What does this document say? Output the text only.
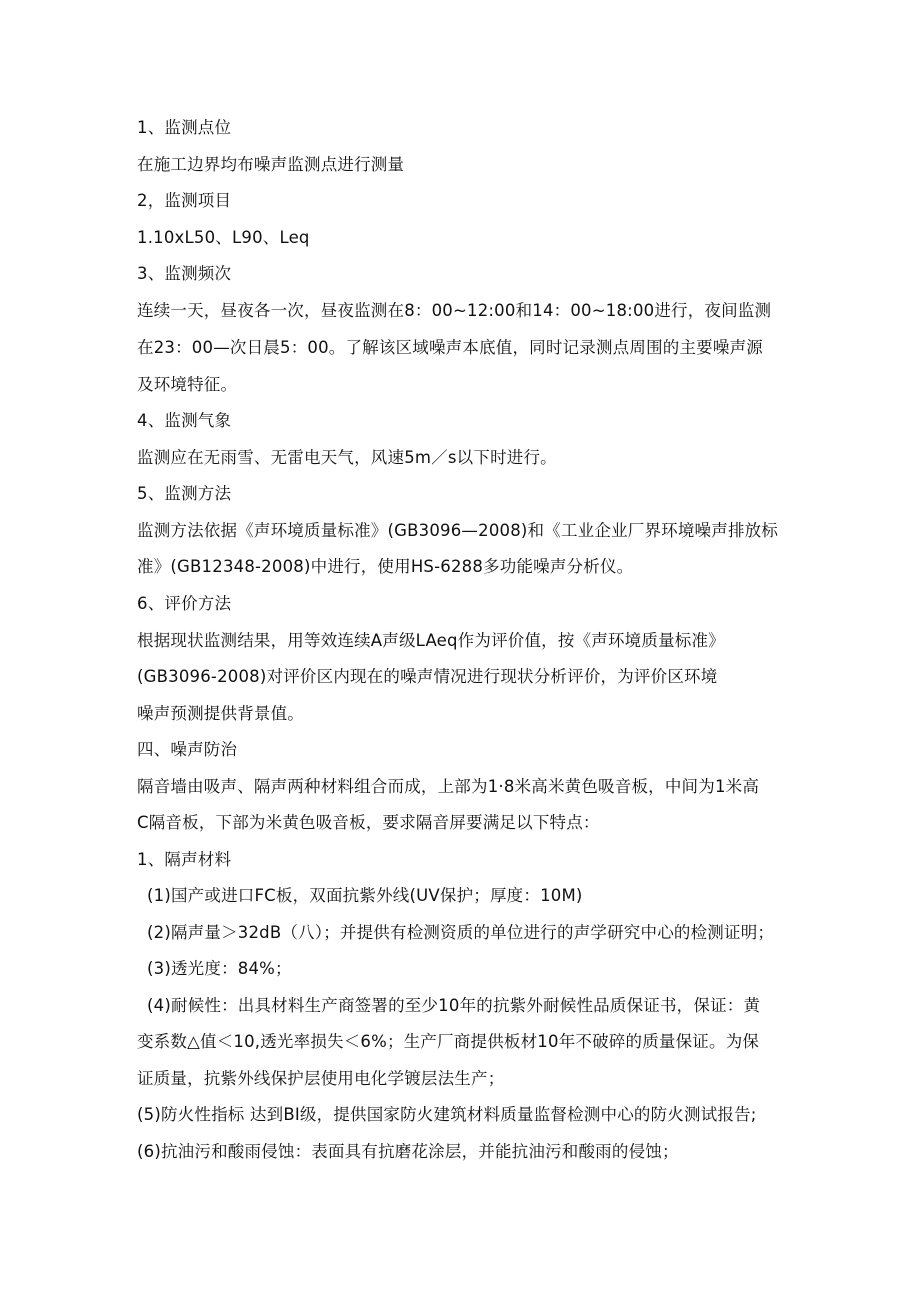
1、监测点位
在施工边界均布噪声监测点进行测量
2，监测项目
1.10xL50、L90、Leq
3、监测频次
连续一天，昼夜各一次，昼夜监测在8：00~12:00和14：00~18:00进行，夜间监测
在23：00—次日晨5：00。了解该区域噪声本底值，同时记录测点周围的主要噪声源
及环境特征。
4、监测气象
监测应在无雨雪、无雷电天气，风速5m／s以下时进行。
5、监测方法
监测方法依据《声环境质量标准》(GB3096—2008)和《工业企业厂界环境噪声排放标
准》(GB12348-2008)中进行，使用HS-6288多功能噪声分析仪。
6、评价方法
根据现状监测结果，用等效连续A声级LAeq作为评价值，按《声环境质量标准》
(GB3096-2008)对评价区内现在的噪声情况进行现状分析评价，为评价区环境
噪声预测提供背景值。
四、噪声防治
隔音墙由吸声、隔声两种材料组合而成，上部为1·8米高米黄色吸音板，中间为1米高
C隔音板，下部为米黄色吸音板，要求隔音屏要满足以下特点：
1、隔声材料
(1)国产或进口FC板，双面抗紫外线(UV保护；厚度：10M)
(2)隔声量＞32dB（八）；并提供有检测资质的单位进行的声学研究中心的检测证明；
(3)透光度：84%；
(4)耐候性：出具材料生产商签署的至少10年的抗紫外耐候性品质保证书，保证：黄
变系数△值＜10,透光率损失＜6%；生产厂商提供板材10年不破碎的质量保证。为保
证质量，抗紫外线保护层使用电化学镀层法生产；
(5)防火性指标 达到BI级，提供国家防火建筑材料质量监督检测中心的防火测试报告;
(6)抗油污和酸雨侵蚀：表面具有抗磨花涂层，并能抗油污和酸雨的侵蚀；
